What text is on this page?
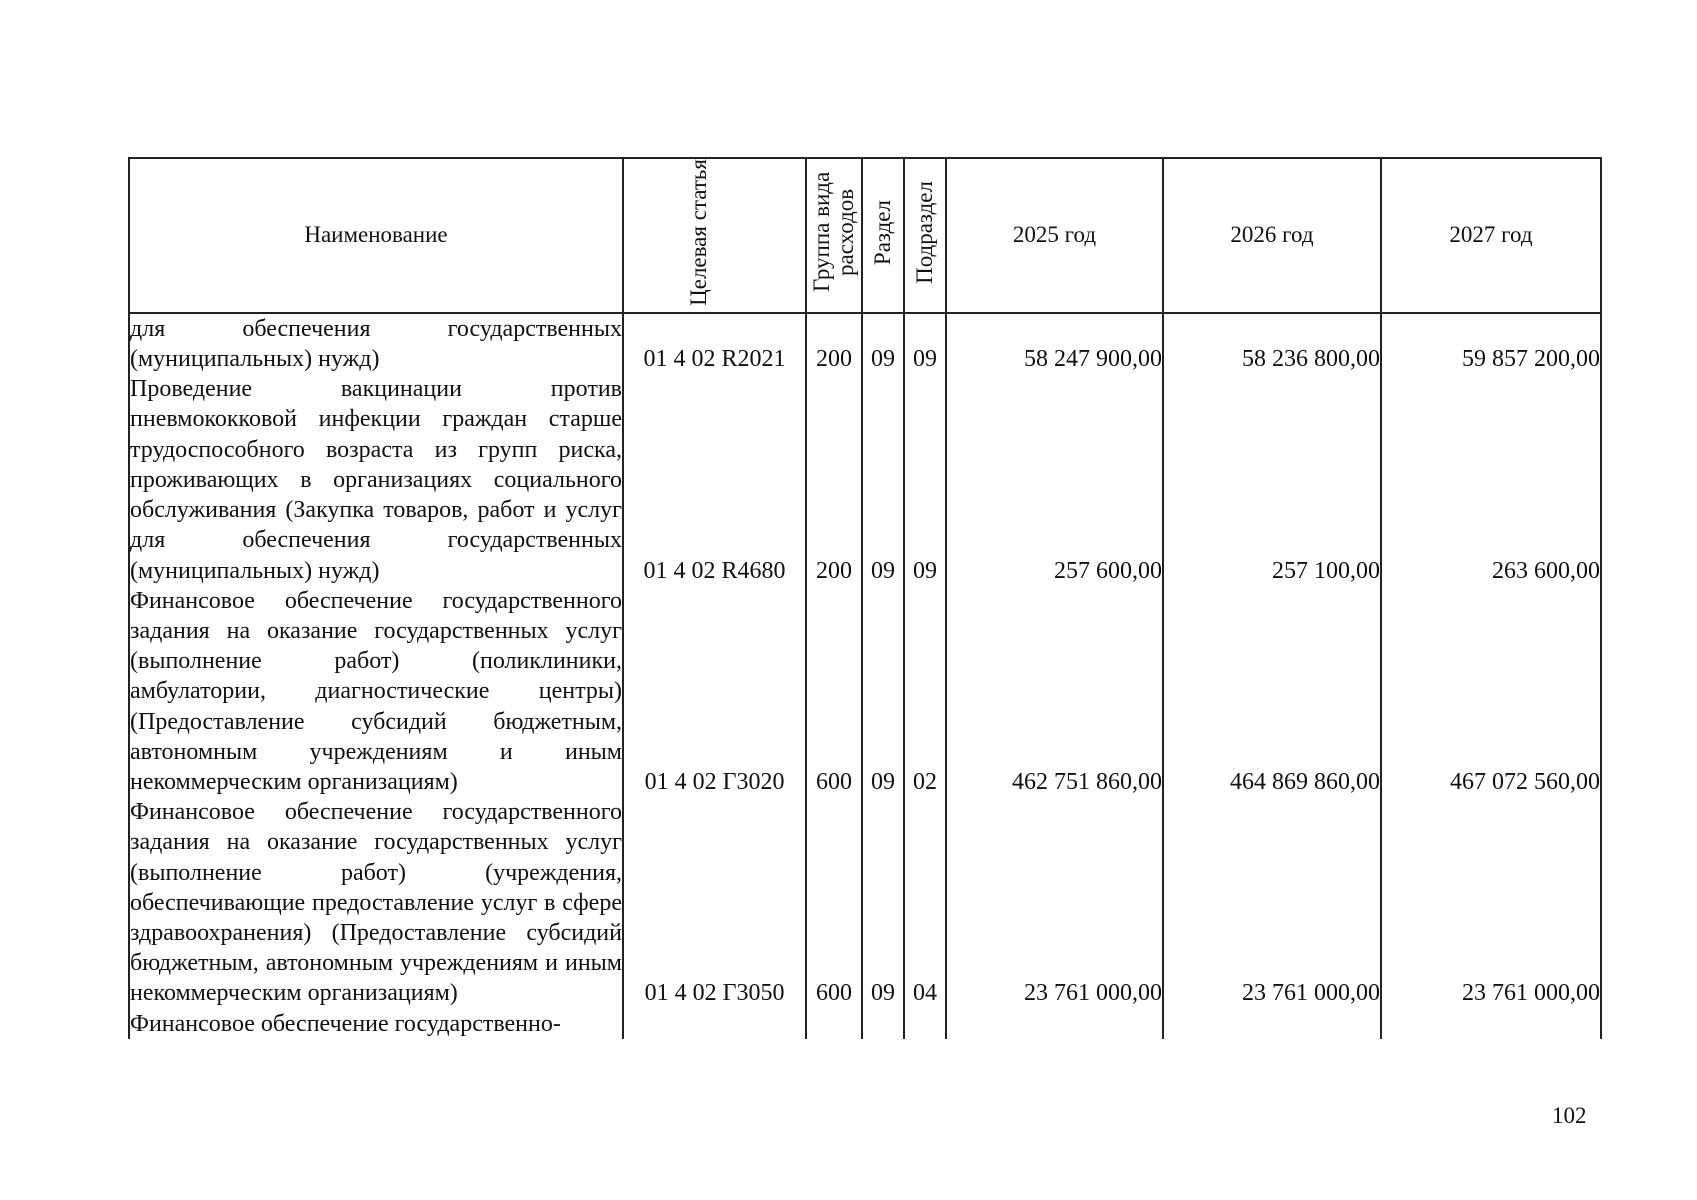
Наименование	Целевая статья	Группа вида расходов	Раздел	Подраздел	2025 год	2026 год	2027 год
для обеспечения государственных (муниципальных) нужд)	01 4 02 R2021	200	09	09	58 247 900,00	58 236 800,00	59 857 200,00
Проведение вакцинации против пневмококковой инфекции граждан старше трудоспособного возраста из групп риска, проживающих в организациях социального обслуживания (Закупка товаров, работ и услуг для обеспечения государственных (муниципальных) нужд)	01 4 02 R4680	200	09	09	257 600,00	257 100,00	263 600,00
Финансовое обеспечение государственного задания на оказание государственных услуг (выполнение работ) (поликлиники, амбулатории, диагностические центры) (Предоставление субсидий бюджетным, автономным учреждениям и иным некоммерческим организациям)	01 4 02 Г3020	600	09	02	462 751 860,00	464 869 860,00	467 072 560,00
Финансовое обеспечение государственного задания на оказание государственных услуг (выполнение работ) (учреждения, обеспечивающие предоставление услуг в сфере здравоохранения) (Предоставление субсидий бюджетным, автономным учреждениям и иным некоммерческим организациям)	01 4 02 Г3050	600	09	04	23 761 000,00	23 761 000,00	23 761 000,00
Финансовое обеспечение государственно-							
102
